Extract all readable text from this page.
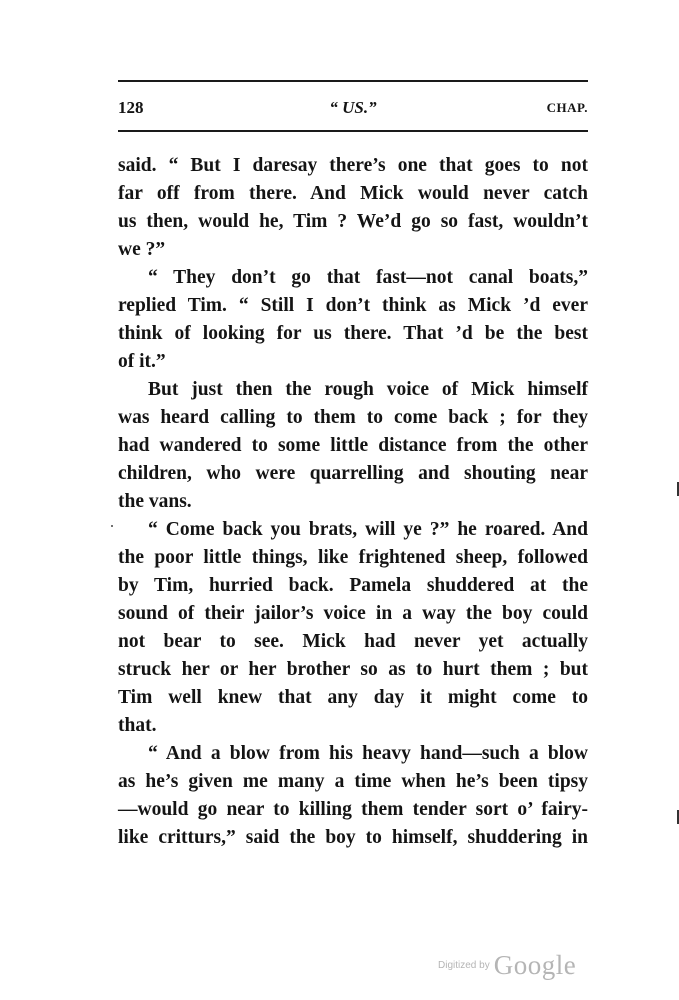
128	“ US.”	CHAP.
said. “ But I daresay there’s one that goes to not
far off from there. And Mick would never catch
us then, would he, Tim ? We’d go so fast, wouldn’t
we ?”
“ They don’t go that fast—not canal boats,”
replied Tim. “ Still I don’t think as Mick ’d ever
think of looking for us there. That ’d be the best
of it.”
But just then the rough voice of Mick himself
was heard calling to them to come back ; for they
had wandered to some little distance from the other
children, who were quarrelling and shouting near
the vans.
“ Come back you brats, will ye ?” he roared. And
the poor little things, like frightened sheep, followed
by Tim, hurried back. Pamela shuddered at the
sound of their jailor’s voice in a way the boy could
not bear to see. Mick had never yet actually
struck her or her brother so as to hurt them ; but
Tim well knew that any day it might come to
that.
“ And a blow from his heavy hand—such a blow
as he’s given me many a time when he’s been tipsy
—would go near to killing them tender sort o’ fairy-
like critturs,” said the boy to himself, shuddering in
Digitized by Google
